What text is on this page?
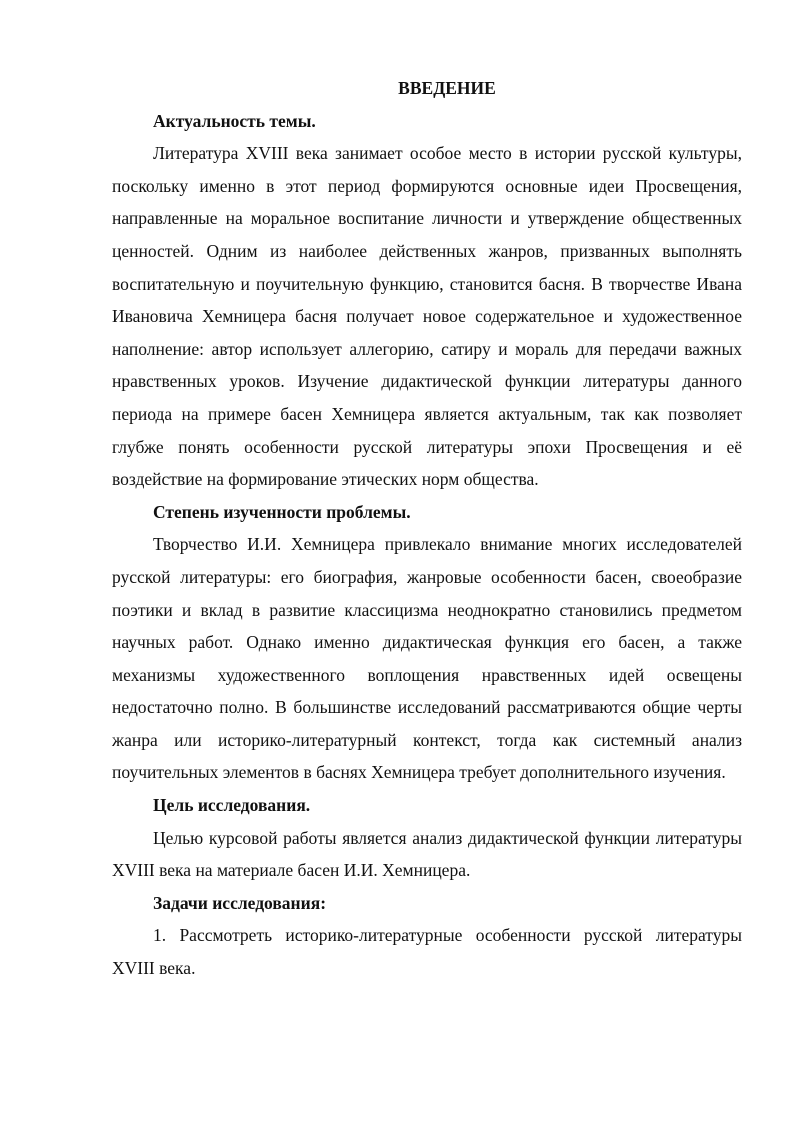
ВВЕДЕНИЕ

Актуальность темы.

Литература XVIII века занимает особое место в истории русской культуры, поскольку именно в этот период формируются основные идеи Просвещения, направленные на моральное воспитание личности и утверждение общественных ценностей. Одним из наиболее действенных жанров, призванных выполнять воспитательную и поучительную функцию, становится басня. В творчестве Ивана Ивановича Хемницера басня получает новое содержательное и художественное наполнение: автор использует аллегорию, сатиру и мораль для передачи важных нравственных уроков. Изучение дидактической функции литературы данного периода на примере басен Хемницера является актуальным, так как позволяет глубже понять особенности русской литературы эпохи Просвещения и её воздействие на формирование этических норм общества.

Степень изученности проблемы.

Творчество И.И. Хемницера привлекало внимание многих исследователей русской литературы: его биография, жанровые особенности басен, своеобразие поэтики и вклад в развитие классицизма неоднократно становились предметом научных работ. Однако именно дидактическая функция его басен, а также механизмы художественного воплощения нравственных идей освещены недостаточно полно. В большинстве исследований рассматриваются общие черты жанра или историко-литературный контекст, тогда как системный анализ поучительных элементов в баснях Хемницера требует дополнительного изучения.

Цель исследования.

Целью курсовой работы является анализ дидактической функции литературы XVIII века на материале басен И.И. Хемницера.

Задачи исследования:

1. Рассмотреть историко-литературные особенности русской литературы XVIII века.
